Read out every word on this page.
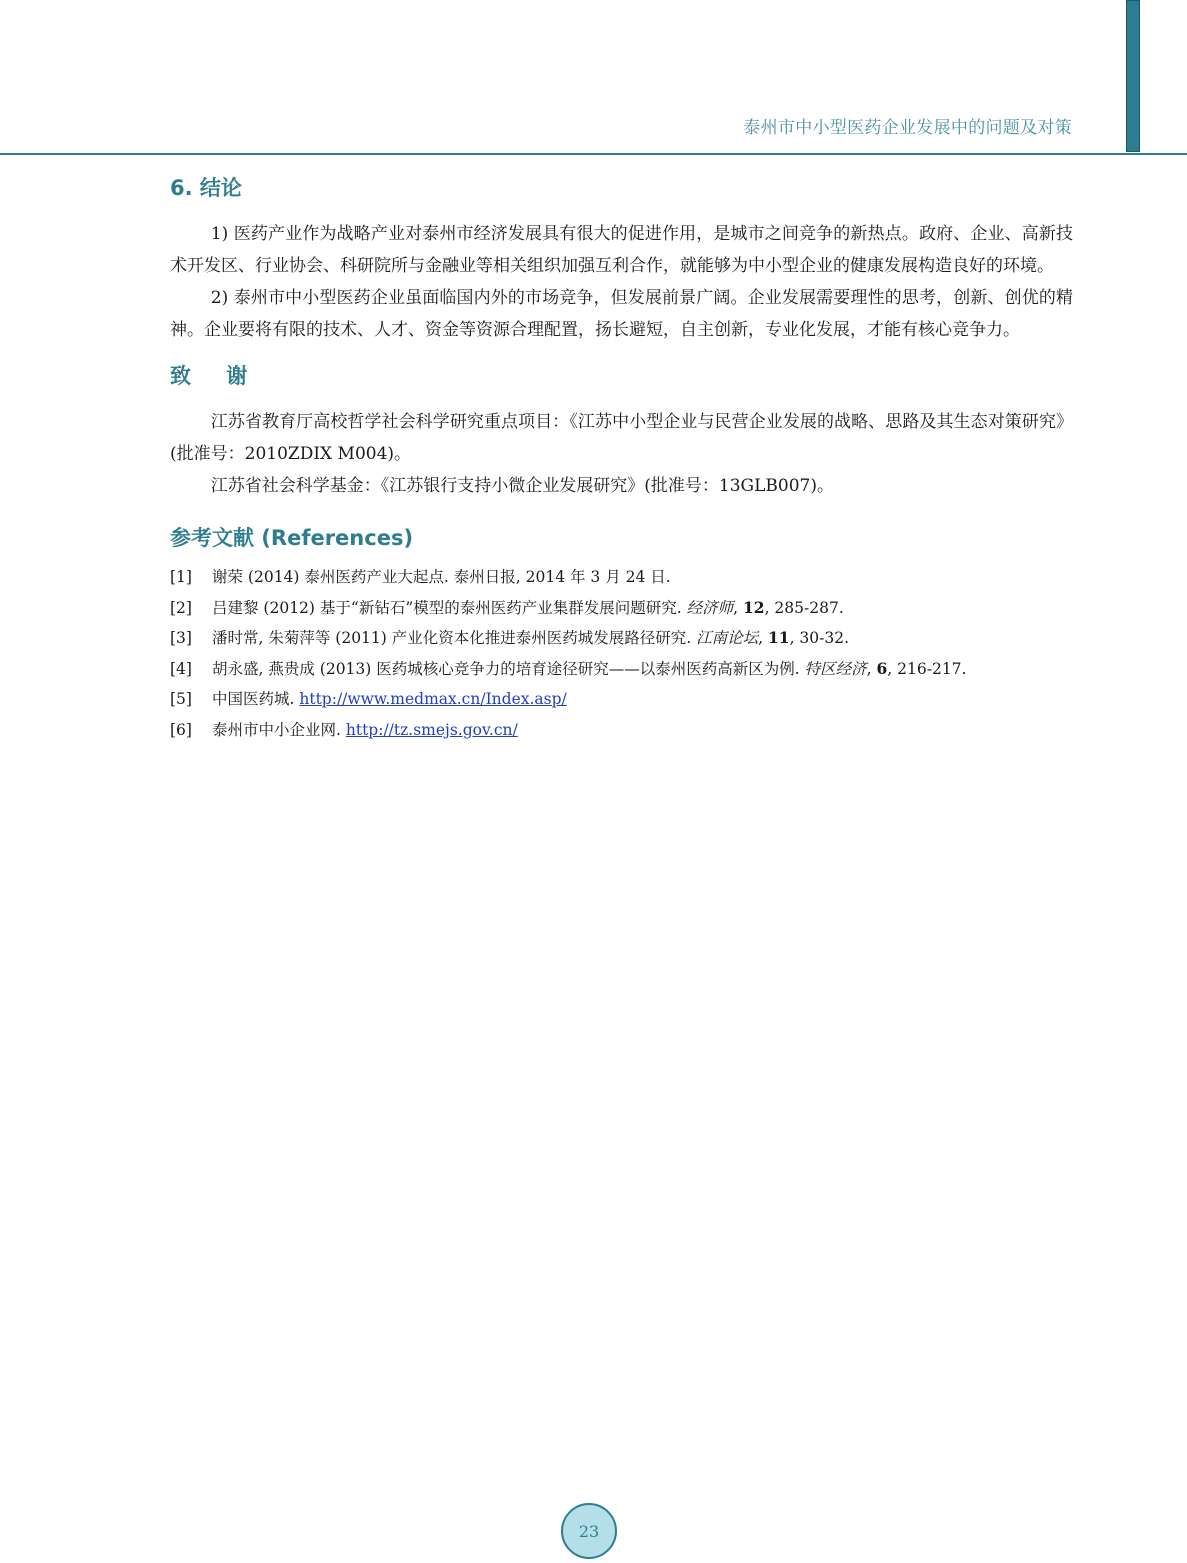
泰州市中小型医药企业发展中的问题及对策
6. 结论

1) 医药产业作为战略产业对泰州市经济发展具有很大的促进作用，是城市之间竞争的新热点。政府、企业、高新技术开发区、行业协会、科研院所与金融业等相关组织加强互利合作，就能够为中小型企业的健康发展构造良好的环境。

2) 泰州市中小型医药企业虽面临国内外的市场竞争，但发展前景广阔。企业发展需要理性的思考，创新、创优的精神。企业要将有限的技术、人才、资金等资源合理配置，扬长避短，自主创新，专业化发展，才能有核心竞争力。

致 谢

江苏省教育厅高校哲学社会科学研究重点项目：《江苏中小型企业与民营企业发展的战略、思路及其生态对策研究》(批准号：2010ZDIX M004)。

江苏省社会科学基金：《江苏银行支持小微企业发展研究》(批准号：13GLB007)。

参考文献 (References)
[1]	谢荣 (2014) 泰州医药产业大起点. 泰州日报, 2014 年 3 月 24 日.
[2]	吕建黎 (2012) 基于“新钻石”模型的泰州医药产业集群发展问题研究. 经济师, 12, 285-287.
[3]	潘时常, 朱菊萍等 (2011) 产业化资本化推进泰州医药城发展路径研究. 江南论坛, 11, 30-32.
[4]	胡永盛, 燕贵成 (2013) 医药城核心竞争力的培育途径研究——以泰州医药高新区为例. 特区经济, 6, 216-217.
[5]	中国医药城. http://www.medmax.cn/Index.asp/
[6]	泰州市中小企业网. http://tz.smejs.gov.cn/
23
